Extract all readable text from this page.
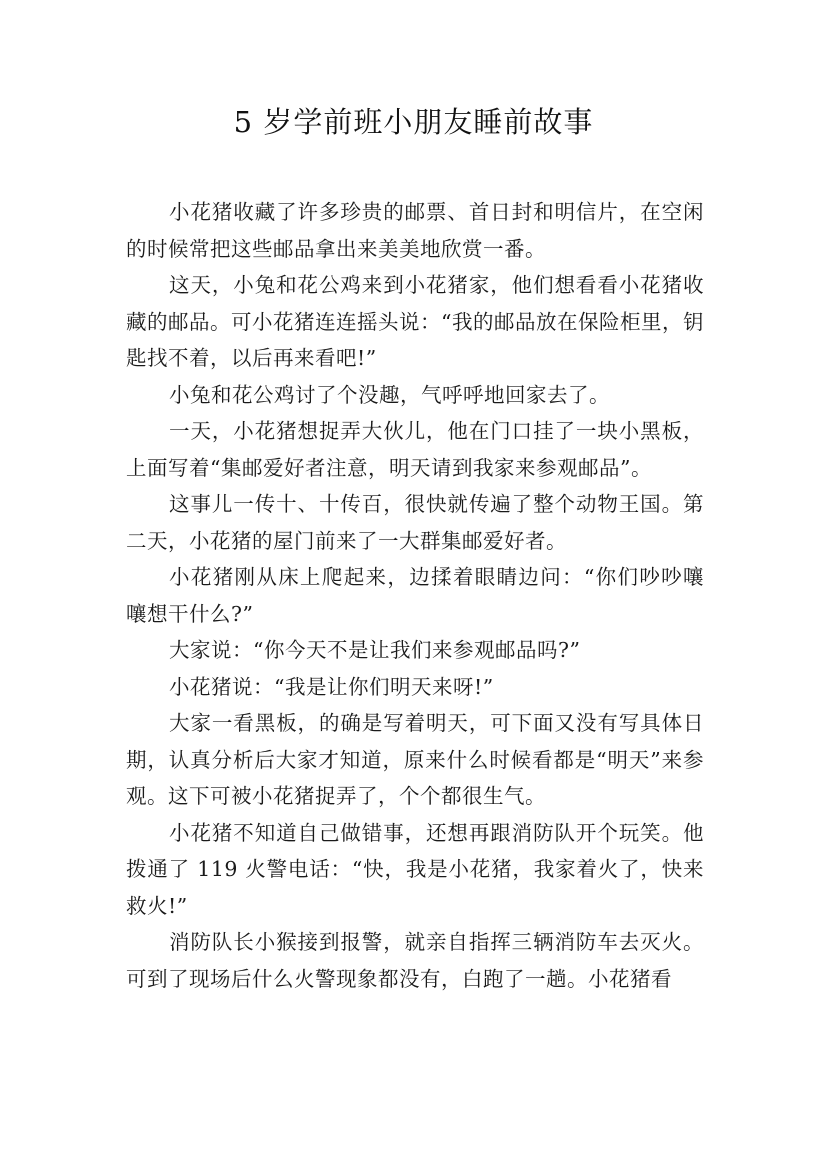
5 岁学前班小朋友睡前故事

小花猪收藏了许多珍贵的邮票、首日封和明信片，在空闲的时候常把这些邮品拿出来美美地欣赏一番。

这天，小兔和花公鸡来到小花猪家，他们想看看小花猪收藏的邮品。可小花猪连连摇头说：“我的邮品放在保险柜里，钥匙找不着，以后再来看吧!”

小兔和花公鸡讨了个没趣，气呼呼地回家去了。

一天，小花猪想捉弄大伙儿，他在门口挂了一块小黑板，上面写着“集邮爱好者注意，明天请到我家来参观邮品”。

这事儿一传十、十传百，很快就传遍了整个动物王国。第二天，小花猪的屋门前来了一大群集邮爱好者。

小花猪刚从床上爬起来，边揉着眼睛边问：“你们吵吵嚷嚷想干什么?”

大家说：“你今天不是让我们来参观邮品吗?”

小花猪说：“我是让你们明天来呀!”

大家一看黑板，的确是写着明天，可下面又没有写具体日期，认真分析后大家才知道，原来什么时候看都是“明天”来参观。这下可被小花猪捉弄了，个个都很生气。

小花猪不知道自己做错事，还想再跟消防队开个玩笑。他拨通了 119 火警电话：“快，我是小花猪，我家着火了，快来救火!”

消防队长小猴接到报警，就亲自指挥三辆消防车去灭火。可到了现场后什么火警现象都没有，白跑了一趟。小花猪看
